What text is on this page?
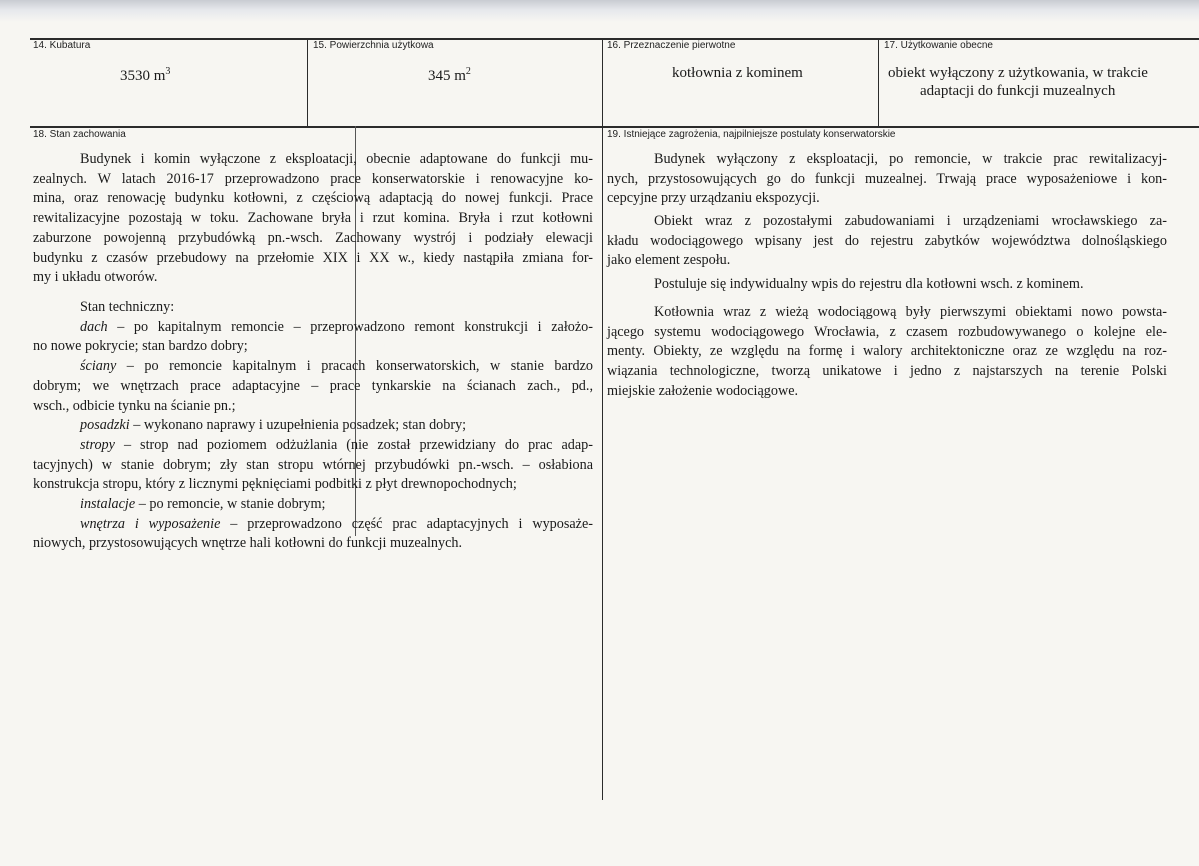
14. Kubatura
3530 $m^3$
15. Powierzchnia użytkowa
345 $m^2$
16. Przeznaczenie pierwotne
kotłownia z kominem
17. Użytkowanie obecne
obiekt wyłączony z użytkowania, w trakcie
adaptacji do funkcji muzealnych
18. Stan zachowania
Budynek i komin wyłączone z eksploatacji, obecnie adaptowane do funkcji mu-
zealnych. W latach 2016-17 przeprowadzono prace konserwatorskie i renowacyjne ko-
mina, oraz renowację budynku kotłowni, z częściową adaptacją do nowej funkcji. Prace
rewitalizacyjne pozostają w toku. Zachowane bryła i rzut komina. Bryła i rzut kotłowni
zaburzone powojenną przybudówką pn.-wsch. Zachowany wystrój i podziały elewacji
budynku z czasów przebudowy na przełomie XIX i XX w., kiedy nastąpiła zmiana for-
my i układu otworów.
Stan techniczny:
dach – po kapitalnym remoncie – przeprowadzono remont konstrukcji i założo-
no nowe pokrycie; stan bardzo dobry;
ściany – po remoncie kapitalnym i pracach konserwatorskich, w stanie bardzo
dobrym; we wnętrzach prace adaptacyjne – prace tynkarskie na ścianach zach., pd.,
wsch., odbicie tynku na ścianie pn.;
posadzki – wykonano naprawy i uzupełnienia posadzek; stan dobry;
stropy – strop nad poziomem odżużlania (nie został przewidziany do prac adap-
tacyjnych) w stanie dobrym; zły stan stropu wtórnej przybudówki pn.-wsch. – osłabiona
konstrukcja stropu, który z licznymi pęknięciami podbitki z płyt drewnopochodnych;
instalacje – po remoncie, w stanie dobrym;
wnętrza i wyposażenie – przeprowadzono część prac adaptacyjnych i wyposaże-
niowych, przystosowujących wnętrze hali kotłowni do funkcji muzealnych.
19. Istniejące zagrożenia, najpilniejsze postulaty konserwatorskie
Budynek wyłączony z eksploatacji, po remoncie, w trakcie prac rewitalizacyj-
nych, przystosowujących go do funkcji muzealnej. Trwają prace wyposażeniowe i kon-
cepcyjne przy urządzaniu ekspozycji.
Obiekt wraz z pozostałymi zabudowaniami i urządzeniami wrocławskiego za-
kładu wodociągowego wpisany jest do rejestru zabytków województwa dolnośląskiego
jako element zespołu.
Postuluje się indywidualny wpis do rejestru dla kotłowni wsch. z kominem.
Kotłownia wraz z wieżą wodociągową były pierwszymi obiektami nowo powsta-
jącego systemu wodociągowego Wrocławia, z czasem rozbudowywanego o kolejne ele-
menty. Obiekty, ze względu na formę i walory architektoniczne oraz ze względu na roz-
wiązania technologiczne, tworzą unikatowe i jedno z najstarszych na terenie Polski
miejskie założenie wodociągowe.
